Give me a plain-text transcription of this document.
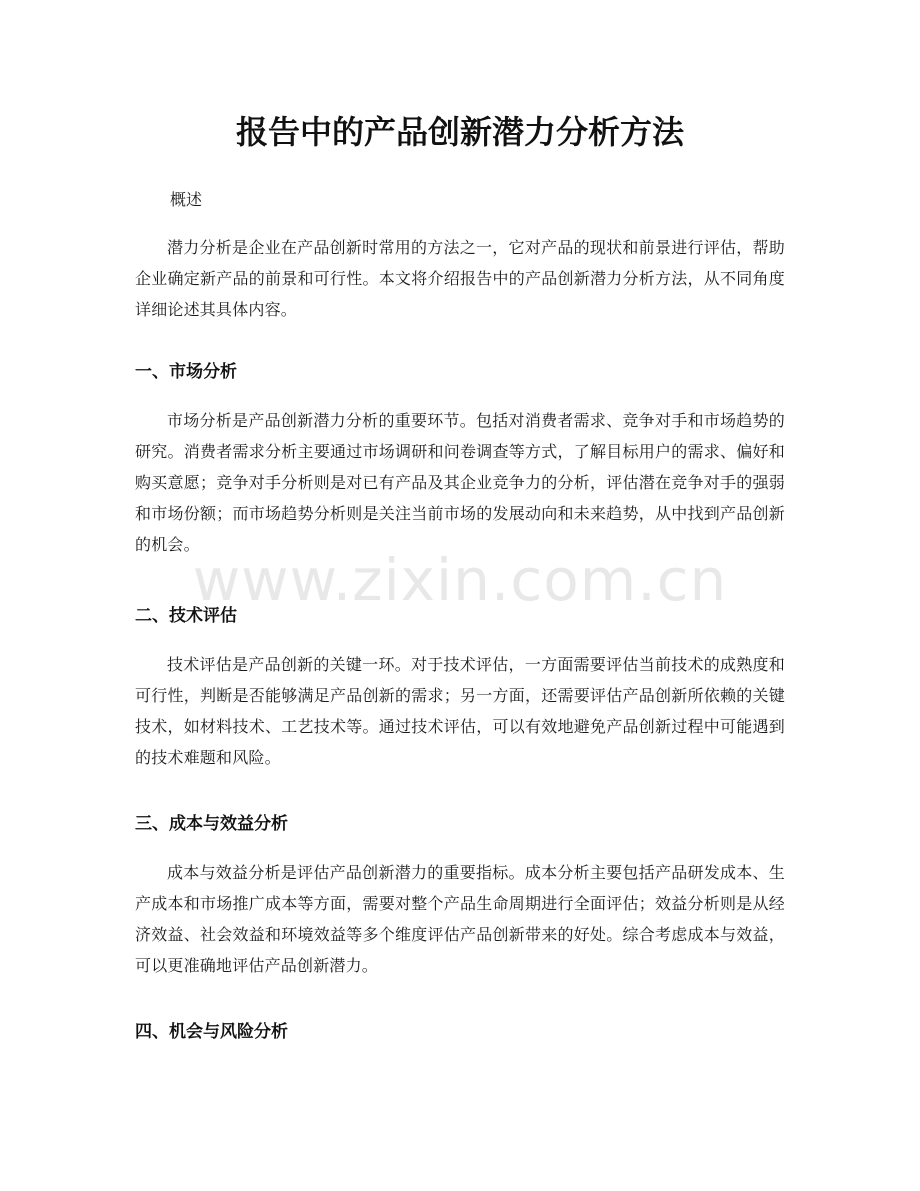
报告中的产品创新潜力分析方法
概述

潜力分析是企业在产品创新时常用的方法之一，它对产品的现状和前景进行评估，帮助企业确定新产品的前景和可行性。本文将介绍报告中的产品创新潜力分析方法，从不同角度详细论述其具体内容。

一、市场分析

市场分析是产品创新潜力分析的重要环节。包括对消费者需求、竞争对手和市场趋势的研究。消费者需求分析主要通过市场调研和问卷调查等方式，了解目标用户的需求、偏好和购买意愿；竞争对手分析则是对已有产品及其企业竞争力的分析，评估潜在竞争对手的强弱和市场份额；而市场趋势分析则是关注当前市场的发展动向和未来趋势，从中找到产品创新的机会。

二、技术评估

技术评估是产品创新的关键一环。对于技术评估，一方面需要评估当前技术的成熟度和可行性，判断是否能够满足产品创新的需求；另一方面，还需要评估产品创新所依赖的关键技术，如材料技术、工艺技术等。通过技术评估，可以有效地避免产品创新过程中可能遇到的技术难题和风险。

三、成本与效益分析

成本与效益分析是评估产品创新潜力的重要指标。成本分析主要包括产品研发成本、生产成本和市场推广成本等方面，需要对整个产品生命周期进行全面评估；效益分析则是从经济效益、社会效益和环境效益等多个维度评估产品创新带来的好处。综合考虑成本与效益，可以更准确地评估产品创新潜力。

四、机会与风险分析
www.zixin.com.cn
